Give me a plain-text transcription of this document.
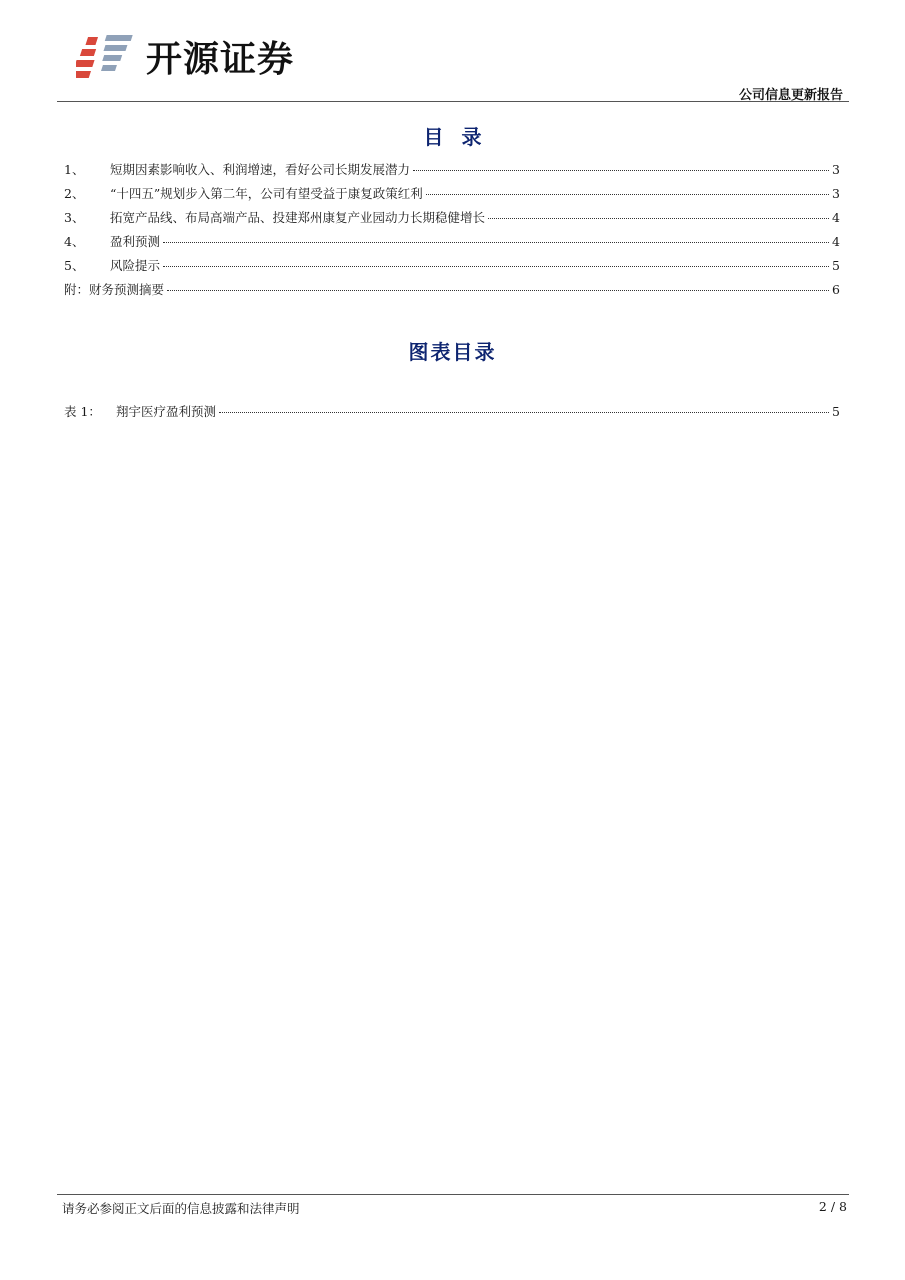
开源证券
公司信息更新报告
目录
1、	短期因素影响收入、利润增速，看好公司长期发展潜力	3
2、	“十四五”规划步入第二年，公司有望受益于康复政策红利	3
3、	拓宽产品线、布局高端产品、投建郑州康复产业园动力长期稳健增长	4
4、	盈利预测	4
5、	风险提示	5
附： 财务预测摘要	6
图表目录
表 1：	翔宇医疗盈利预测	5
请务必参阅正文后面的信息披露和法律声明	2 / 8
